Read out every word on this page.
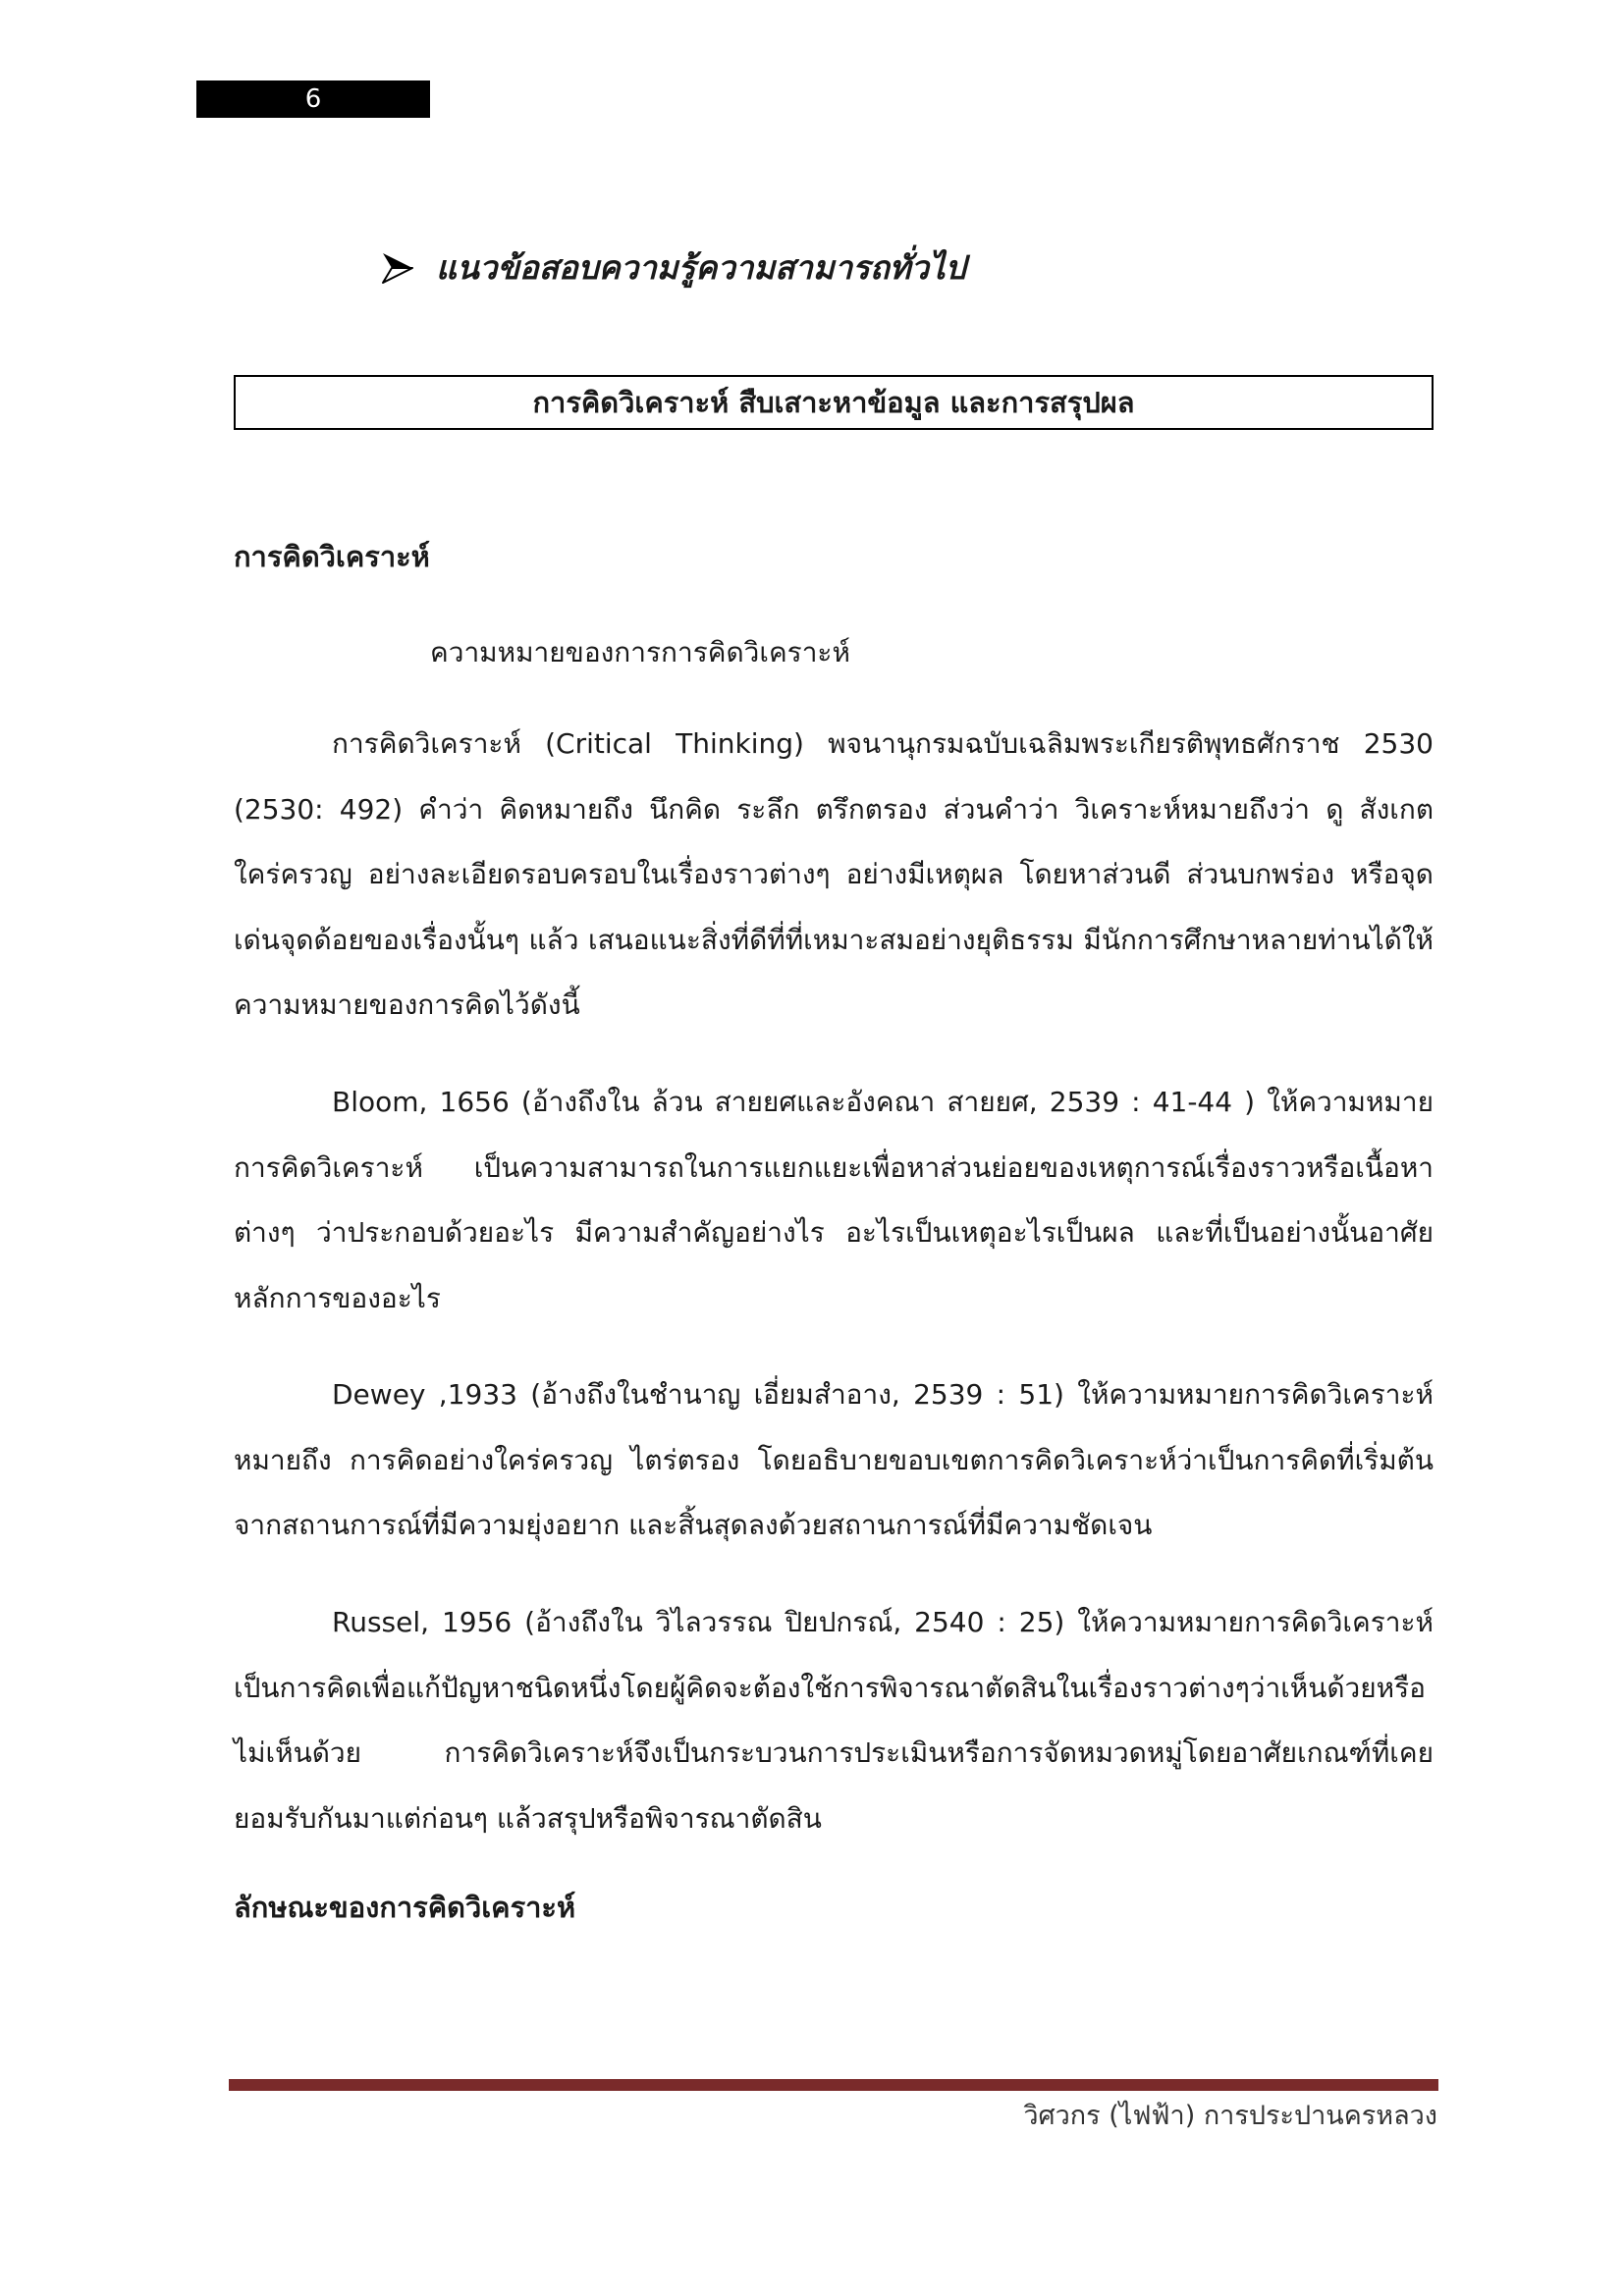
6
แนวข้อสอบความรู้ความสามารถทั่วไป
การคิดวิเคราะห์ สืบเสาะหาข้อมูล และการสรุปผล
การคิดวิเคราะห์
ความหมายของการการคิดวิเคราะห์

การคิดวิเคราะห์ (Critical Thinking) พจนานุกรมฉบับเฉลิมพระเกียรติพุทธศักราช 2530 (2530: 492) คำว่า คิดหมายถึง นึกคิด ระลึก ตรึกตรอง ส่วนคำว่า วิเคราะห์หมายถึงว่า ดู สังเกต ใคร่ครวญ อย่างละเอียดรอบครอบในเรื่องราวต่างๆ อย่างมีเหตุผล โดยหาส่วนดี ส่วนบกพร่อง หรือจุดเด่นจุดด้อยของเรื่องนั้นๆ แล้ว เสนอแนะสิ่งที่ดีที่ที่เหมาะสมอย่างยุติธรรม มีนักการศึกษาหลายท่านได้ให้ความหมายของการคิดไว้ดังนี้

Bloom, 1656 (อ้างถึงใน ล้วน สายยศและอังคณา สายยศ, 2539 : 41-44 ) ให้ความหมายการคิดวิเคราะห์ เป็นความสามารถในการแยกแยะเพื่อหาส่วนย่อยของเหตุการณ์เรื่องราวหรือเนื้อหาต่างๆ ว่าประกอบด้วยอะไร มีความสำคัญอย่างไร อะไรเป็นเหตุอะไรเป็นผล และที่เป็นอย่างนั้นอาศัยหลักการของอะไร

Dewey ,1933 (อ้างถึงในชำนาญ เอี่ยมสำอาง, 2539 : 51) ให้ความหมายการคิดวิเคราะห์หมายถึง การคิดอย่างใคร่ครวญ ไตร่ตรอง โดยอธิบายขอบเขตการคิดวิเคราะห์ว่าเป็นการคิดที่เริ่มต้นจากสถานการณ์ที่มีความยุ่งอยาก และสิ้นสุดลงด้วยสถานการณ์ที่มีความชัดเจน

Russel, 1956 (อ้างถึงใน วิไลวรรณ ปิยปกรณ์, 2540 : 25) ให้ความหมายการคิดวิเคราะห์เป็นการคิดเพื่อแก้ปัญหาชนิดหนึ่งโดยผู้คิดจะต้องใช้การพิจารณาตัดสินในเรื่องราวต่างๆว่าเห็นด้วยหรือไม่เห็นด้วย การคิดวิเคราะห์จึงเป็นกระบวนการประเมินหรือการจัดหมวดหมู่โดยอาศัยเกณฑ์ที่เคยยอมรับกันมาแต่ก่อนๆ แล้วสรุปหรือพิจารณาตัดสิน

ลักษณะของการคิดวิเคราะห์
วิศวกร (ไฟฟ้า) การประปานครหลวง
